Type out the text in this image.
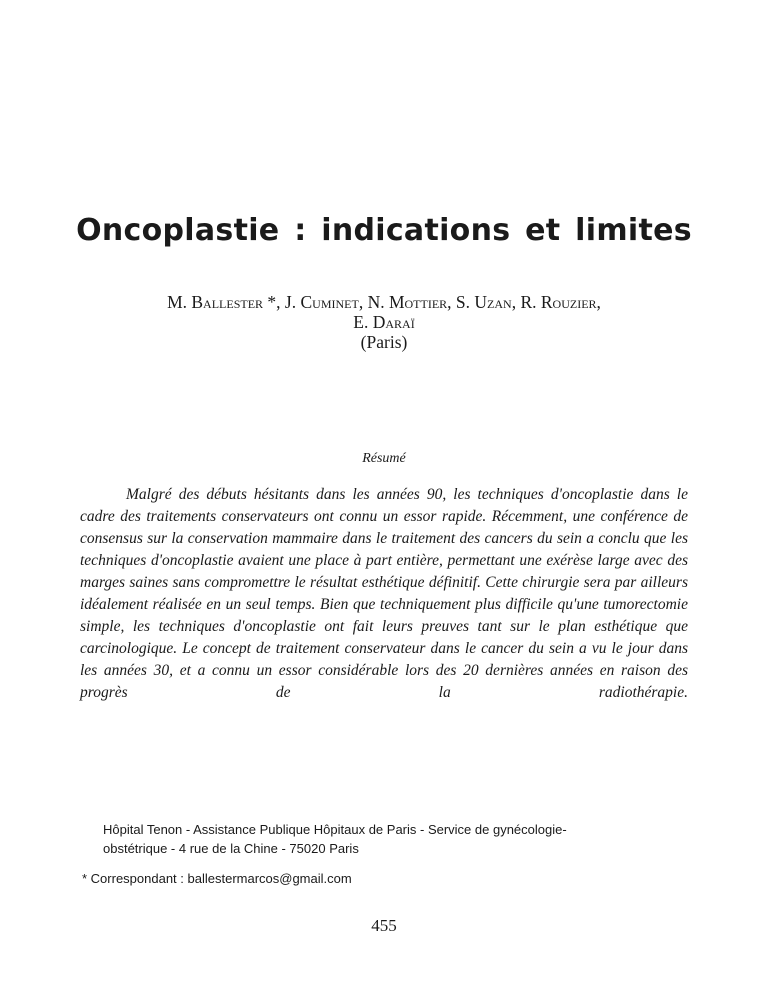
Oncoplastie : indications et limites
M. Ballester *, J. Cuminet, N. Mottier, S. Uzan, R. Rouzier,
E. Daraï
(Paris)
Résumé

Malgré des débuts hésitants dans les années 90, les techniques d'oncoplastie dans le cadre des traitements conservateurs ont connu un essor rapide. Récemment, une conférence de consensus sur la conservation mammaire dans le traitement des cancers du sein a conclu que les techniques d'oncoplastie avaient une place à part entière, permettant une exérèse large avec des marges saines sans compromettre le résultat esthétique définitif. Cette chirurgie sera par ailleurs idéalement réalisée en un seul temps. Bien que techniquement plus difficile qu'une tumorectomie simple, les techniques d'oncoplastie ont fait leurs preuves tant sur le plan esthétique que carcinologique. Le concept de traitement conservateur dans le cancer du sein a vu le jour dans les années 30, et a connu un essor considérable lors des 20 dernières années en raison des progrès de la radiothérapie.

Hôpital Tenon - Assistance Publique Hôpitaux de Paris - Service de gynécologie-
obstétrique - 4 rue de la Chine - 75020 Paris
* Correspondant : ballestermarcos@gmail.com
455
